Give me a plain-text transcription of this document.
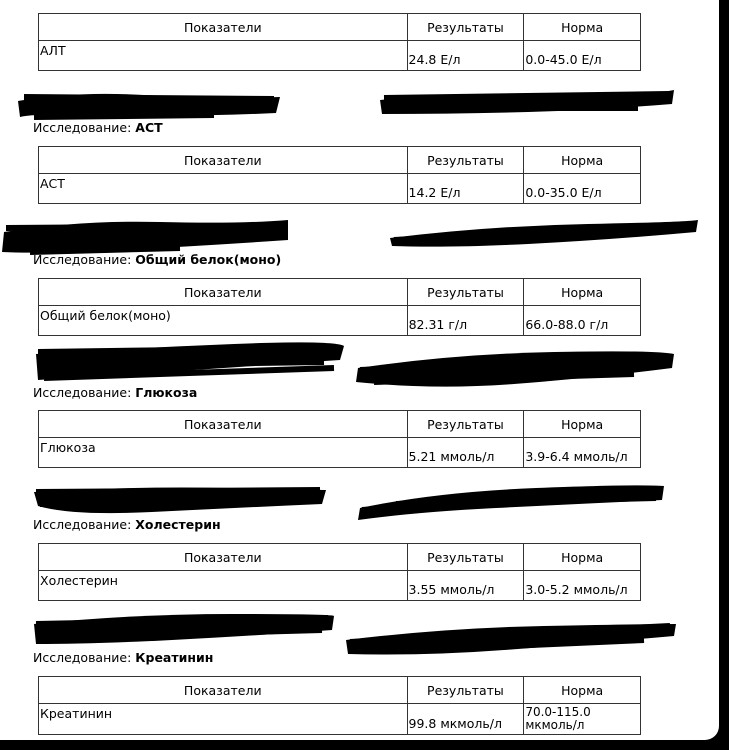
Показатели	Результаты	Норма
АЛТ	24.8 Е/л	0.0-45.0 Е/л
Исследование: АСТ
Показатели	Результаты	Норма
АСТ	14.2 Е/л	0.0-35.0 Е/л
Исследование: Общий белок(моно)
Показатели	Результаты	Норма
Общий белок(моно)	82.31 г/л	66.0-88.0 г/л
Исследование: Глюкоза
Показатели	Результаты	Норма
Глюкоза	5.21 ммоль/л	3.9-6.4 ммоль/л
Исследование: Холестерин
Показатели	Результаты	Норма
Холестерин	3.55 ммоль/л	3.0-5.2 ммоль/л
Исследование: Креатинин
Показатели	Результаты	Норма
Креатинин	99.8 мкмоль/л	70.0-115.0 мкмоль/л
